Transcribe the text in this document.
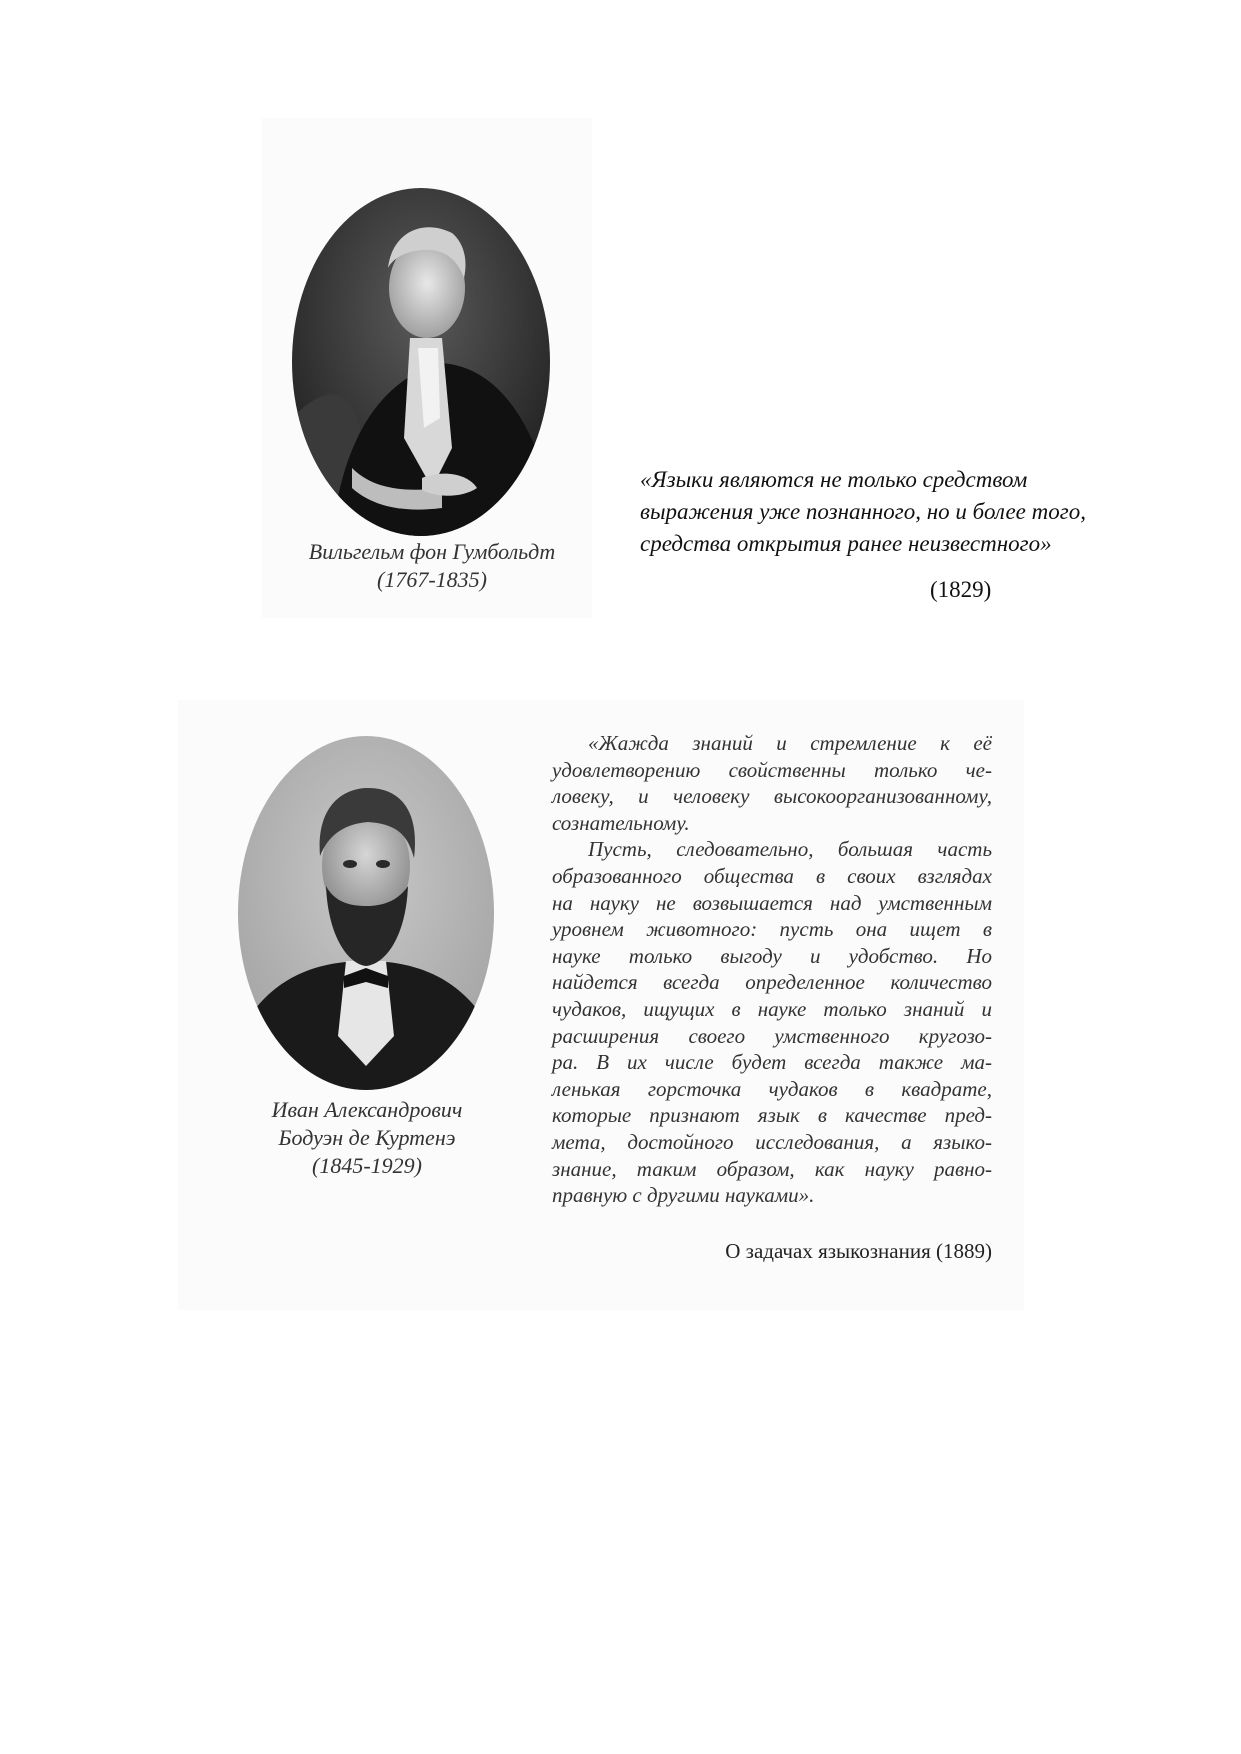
Вильгельм фон Гумбольдт
(1767-1835)
«Языки являются не только средством
выражения уже познанного, но и более того,
средства открытия ранее неизвестного»
(1829)
Иван Александрович
Бодуэн де Куртенэ
(1845-1929)
«Жажда знаний и стремление к её
удовлетворению свойственны только че-
ловеку, и человеку высокоорганизованному,
сознательному.
Пусть, следовательно, большая часть
образованного общества в своих взглядах
на науку не возвышается над умственным
уровнем животного: пусть она ищет в
науке только выгоду и удобство. Но
найдется всегда определенное количество
чудаков, ищущих в науке только знаний и
расширения своего умственного кругозо-
ра. В их числе будет всегда также ма-
ленькая горсточка чудаков в квадрате,
которые признают язык в качестве пред-
мета, достойного исследования, а языко-
знание, таким образом, как науку равно-
правную с другими науками».
О задачах языкознания (1889)
